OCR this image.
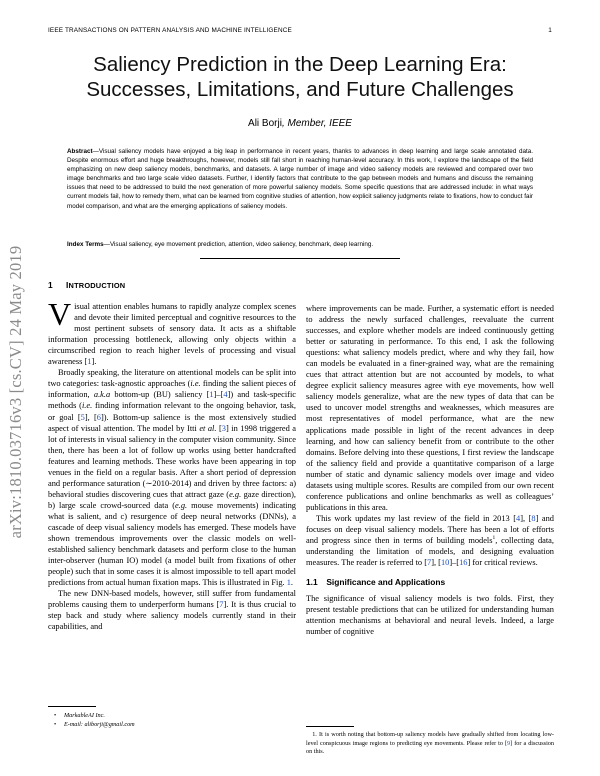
IEEE TRANSACTIONS ON PATTERN ANALYSIS AND MACHINE INTELLIGENCE	1
arXiv:1810.03716v3 [cs.CV] 24 May 2019
Saliency Prediction in the Deep Learning Era:
Successes, Limitations, and Future Challenges
Ali Borji, Member, IEEE
Abstract—Visual saliency models have enjoyed a big leap in performance in recent years, thanks to advances in deep learning and large scale annotated data. Despite enormous effort and huge breakthroughs, however, models still fall short in reaching human-level accuracy. In this work, I explore the landscape of the field emphasizing on new deep saliency models, benchmarks, and datasets. A large number of image and video saliency models are reviewed and compared over two image benchmarks and two large scale video datasets. Further, I identify factors that contribute to the gap between models and humans and discuss the remaining issues that need to be addressed to build the next generation of more powerful saliency models. Some specific questions that are addressed include: in what ways current models fail, how to remedy them, what can be learned from cognitive studies of attention, how explicit saliency judgments relate to fixations, how to conduct fair model comparison, and what are the emerging applications of saliency models.
Index Terms—Visual saliency, eye movement prediction, attention, video saliency, benchmark, deep learning.
1 INTRODUCTION

Visual attention enables humans to rapidly analyze complex scenes and devote their limited perceptual and cognitive resources to the most pertinent subsets of sensory data. It acts as a shiftable information processing bottleneck, allowing only objects within a circumscribed region to reach higher levels of processing and visual awareness [1].

Broadly speaking, the literature on attentional models can be split into two categories: task-agnostic approaches (i.e. finding the salient pieces of information, a.k.a bottom-up (BU) saliency [1]–[4]) and task-specific methods (i.e. finding information relevant to the ongoing behavior, task, or goal [5], [6]). Bottom-up salience is the most extensively studied aspect of visual attention. The model by Itti et al. [3] in 1998 triggered a lot of interests in visual saliency in the computer vision community. Since then, there has been a lot of follow up works using better handcrafted features and learning methods. These works have been appearing in top venues in the field on a regular basis. After a short period of depression and performance saturation (∼2010-2014) and driven by three factors: a) behavioral studies discovering cues that attract gaze (e.g. gaze direction), b) large scale crowd-sourced data (e.g. mouse movements) indicating what is salient, and c) resurgence of deep neural networks (DNNs), a cascade of deep visual saliency models has emerged. These models have shown tremendous improvements over the classic models on well-established saliency benchmark datasets and perform close to the human inter-observer (human IO) model (a model built from fixations of other people) such that in some cases it is almost impossible to tell apart model predictions from actual human fixation maps. This is illustrated in Fig. 1.

The new DNN-based models, however, still suffer from fundamental problems causing them to underperform humans [7]. It is thus crucial to step back and study where saliency models currently stand in their capabilities, and

where improvements can be made. Further, a systematic effort is needed to address the newly surfaced challenges, reevaluate the current successes, and explore whether models are indeed continuously getting better or saturating in performance. To this end, I ask the following questions: what saliency models predict, where and why they fail, how can models be evaluated in a finer-grained way, what are the remaining cues that attract attention but are not accounted by models, to what degree explicit saliency measures agree with eye movements, how well saliency models generalize, what are the new types of data that can be used to uncover model strengths and weaknesses, which measures are most representatives of model performance, what are the new applications made possible in light of the recent advances in deep learning, and how can saliency benefit from or contribute to the other domains. Before delving into these questions, I first review the landscape of the saliency field and provide a quantitative comparison of a large number of static and dynamic saliency models over image and video datasets using multiple scores. Results are compiled from our own recent conference publications and online benchmarks as well as colleagues’ publications in this area.

This work updates my last review of the field in 2013 [4], [8] and focuses on deep visual saliency models. There has been a lot of efforts and progress since then in terms of building models$^1$, collecting data, understanding the limitation of models, and designing evaluation measures. The reader is referred to [7], [10]–[16] for critical reviews.

1.1 Significance and Applications

The significance of visual saliency models is two folds. First, they present testable predictions that can be utilized for understanding human attention mechanisms at behavioral and neural levels. Indeed, a large number of cognitive

• MarkableAI Inc.
• E-mail: aliborji@gmail.com
 1. It is worth noting that bottom-up saliency models have gradually shifted from locating low-level conspicuous image regions to predicting eye movements. Please refer to [9] for a discussion on this.
